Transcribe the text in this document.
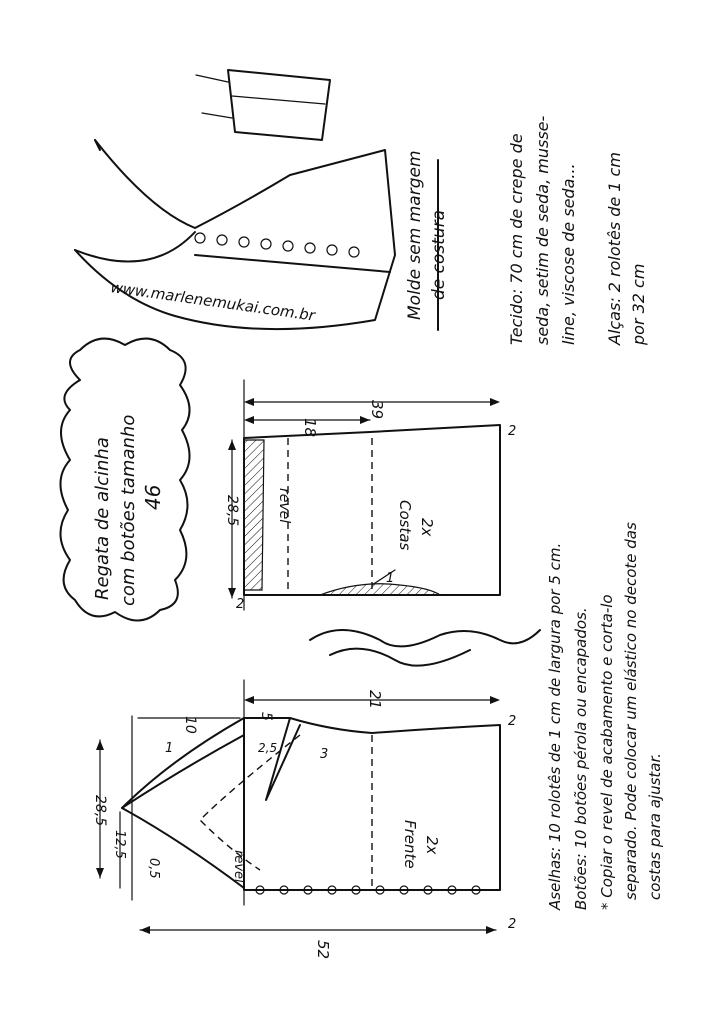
www.marlenemukai.com.br	Molde sem margem de costura	Tecido: 70 cm de crepe de seda, setim de seda, musse- line, viscose de seda... Alças: 2 rolotês de 1 cm por 32 cm
Regata de alcinha com botões tamanho 46
39
18
28,5	revel	Costas 2x
2
2
1
21
10	5
28,5
12,5
0,5
52
revel	Frente 2x
1	2,5	3
2
2
Aselhas: 10 rolotês de 1 cm de largura por 5 cm. Botões: 10 botões pérola ou encapados. * Copiar o revel de acabamento e corta-lo separado. Pode colocar um elástico no decote das costas para ajustar.
